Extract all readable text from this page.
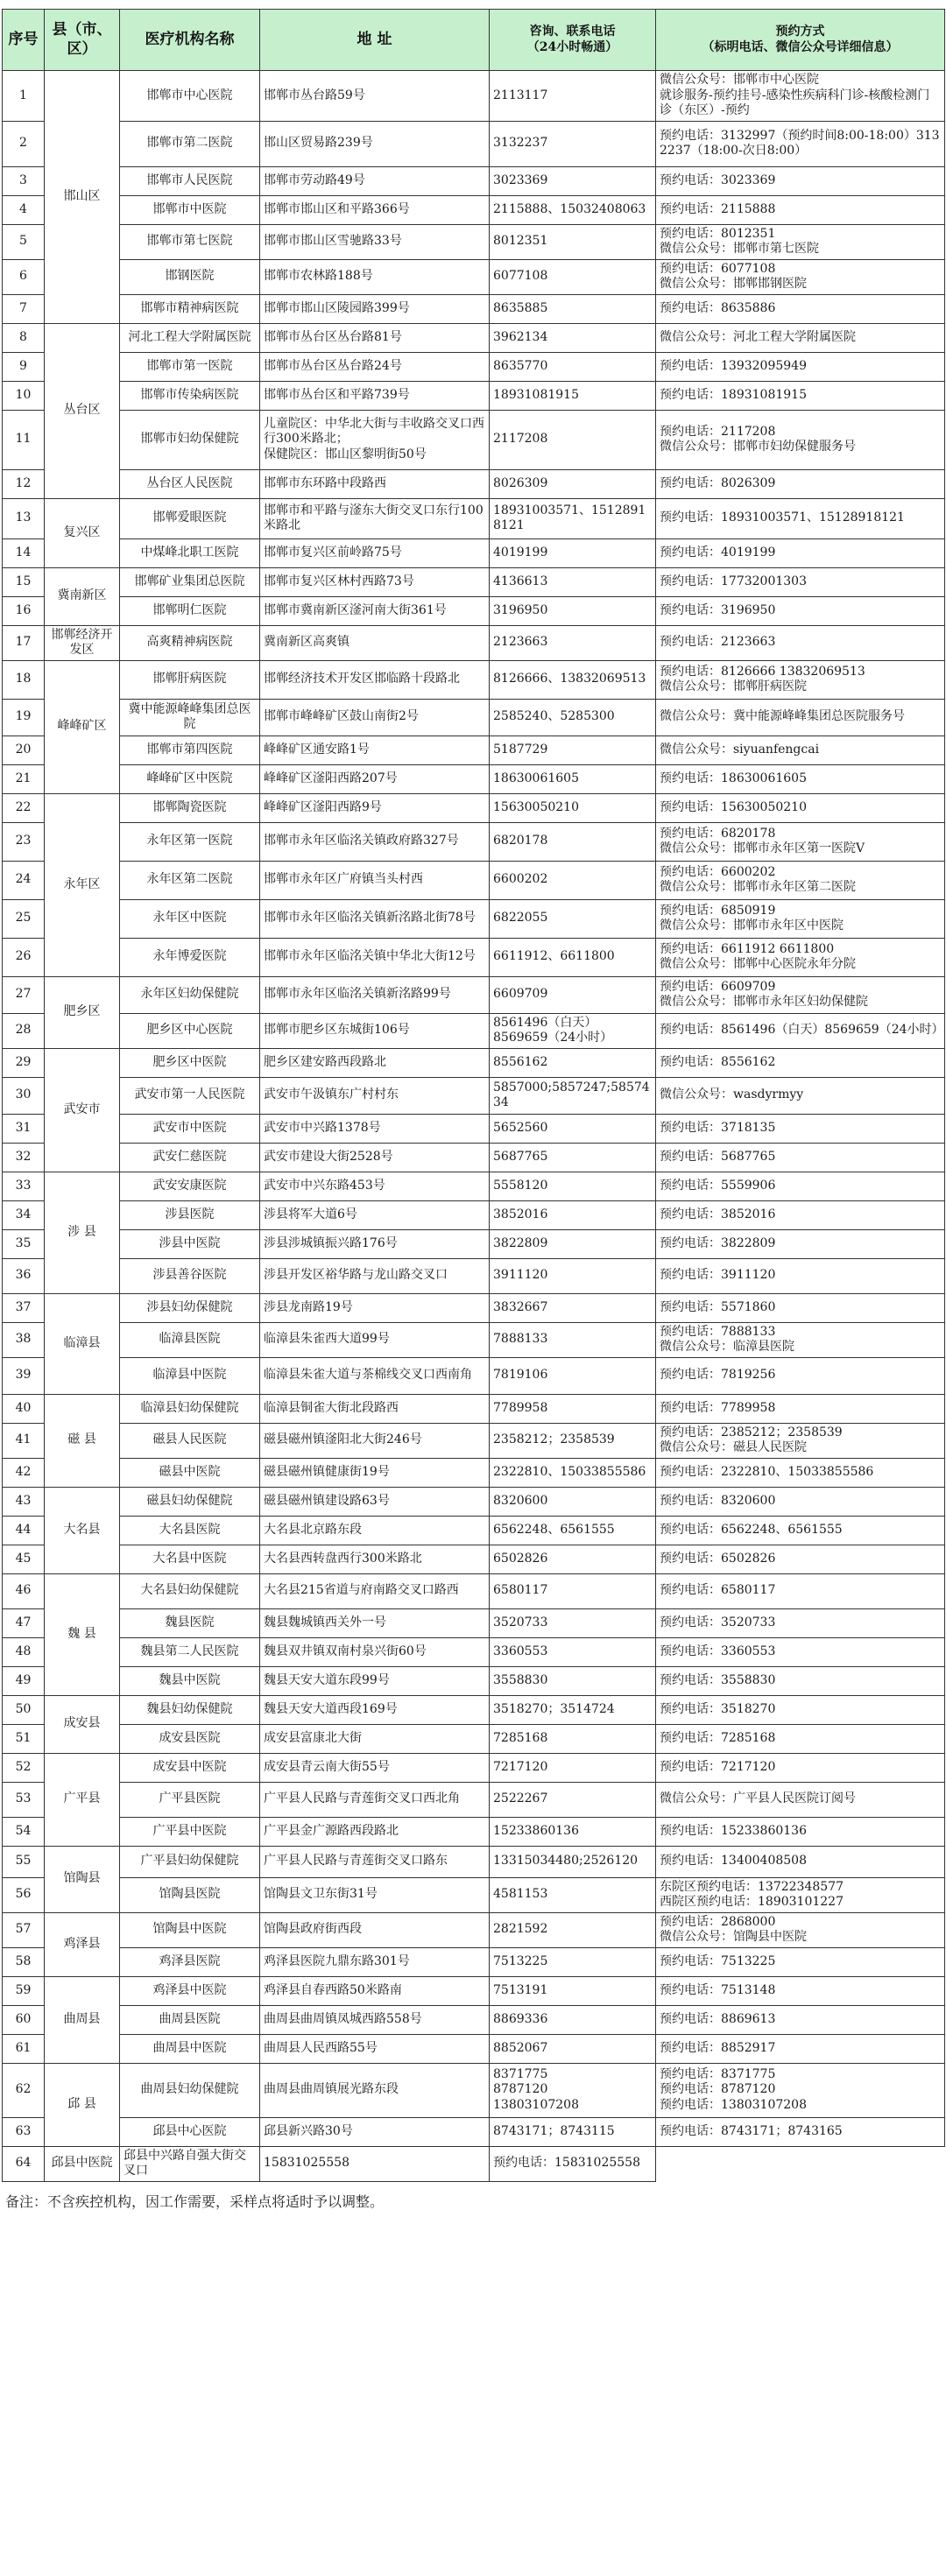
序号	县（市、区）	医疗机构名称	地 址	咨询、联系电话
（24小时畅通）	预约方式
（标明电话、微信公众号详细信息）

1	邯山区	邯郸市中心医院	邯郸市丛台路59号	2113117	微信公众号：邯郸市中心医院
就诊服务-预约挂号-感染性疾病科门诊-核酸检测门诊（东区）-预约
2		邯郸市第二医院	邯山区贸易路239号	3132237	预约电话：3132997（预约时间8:00-18:00）3132237（18:00-次日8:00）
3		邯郸市人民医院	邯郸市劳动路49号	3023369	预约电话：3023369
4		邯郸市中医院	邯郸市邯山区和平路366号	2115888、15032408063	预约电话：2115888
5		邯郸市第七医院	邯郸市邯山区雪驰路33号	8012351	预约电话：8012351
微信公众号：邯郸市第七医院
6		邯钢医院	邯郸市农林路188号	6077108	预约电话：6077108
微信公众号：邯郸邯钢医院
7		邯郸市精神病医院	邯郸市邯山区陵园路399号	8635885	预约电话：8635886
8	丛台区	河北工程大学附属医院	邯郸市丛台区丛台路81号	3962134	微信公众号：河北工程大学附属医院
9		邯郸市第一医院	邯郸市丛台区丛台路24号	8635770	预约电话：13932095949
10		邯郸市传染病医院	邯郸市丛台区和平路739号	18931081915	预约电话：18931081915
11		邯郸市妇幼保健院	儿童院区：中华北大街与丰收路交叉口西行300米路北；
保健院区：邯山区黎明街50号	2117208	预约电话：2117208
微信公众号：邯郸市妇幼保健服务号
12		丛台区人民医院	邯郸市东环路中段路西	8026309	预约电话：8026309
13	复兴区	邯郸爱眼医院	邯郸市和平路与滏东大街交叉口东行100米路北	18931003571、15128918121	预约电话：18931003571、15128918121
14		中煤峰北职工医院	邯郸市复兴区前岭路75号	4019199	预约电话：4019199
15	冀南新区	邯郸矿业集团总医院	邯郸市复兴区林村西路73号	4136613	预约电话：17732001303
16		邯郸明仁医院	邯郸市冀南新区滏河南大街361号	3196950	预约电话：3196950
17	邯郸经济开发区	高爽精神病医院	冀南新区高爽镇	2123663	预约电话：2123663
18	峰峰矿区	邯郸肝病医院	邯郸经济技术开发区邯临路十段路北	8126666、13832069513	预约电话：8126666 13832069513
微信公众号：邯郸肝病医院
19		冀中能源峰峰集团总医院	邯郸市峰峰矿区鼓山南街2号	2585240、5285300	微信公众号：冀中能源峰峰集团总医院服务号
20		邯郸市第四医院	峰峰矿区通安路1号	5187729	微信公众号：siyuanfengcai
21		峰峰矿区中医院	峰峰矿区滏阳西路207号	18630061605	预约电话：18630061605
22	永年区	邯郸陶瓷医院	峰峰矿区滏阳西路9号	15630050210	预约电话：15630050210
23		永年区第一医院	邯郸市永年区临洺关镇政府路327号	6820178	预约电话：6820178
微信公众号：邯郸市永年区第一医院V
24		永年区第二医院	邯郸市永年区广府镇当头村西	6600202	预约电话：6600202
微信公众号：邯郸市永年区第二医院
25		永年区中医院	邯郸市永年区临洺关镇新洺路北街78号	6822055	预约电话：6850919
微信公众号：邯郸市永年区中医院
26		永年博爱医院	邯郸市永年区临洺关镇中华北大街12号	6611912、6611800	预约电话：6611912 6611800
微信公众号：邯郸中心医院永年分院
27	肥乡区	永年区妇幼保健院	邯郸市永年区临洺关镇新洺路99号	6609709	预约电话：6609709
微信公众号：邯郸市永年区妇幼保健院
28		肥乡区中心医院	邯郸市肥乡区东城街106号	8561496（白天）
8569659（24小时）	预约电话：8561496（白天）8569659（24小时）
29	武安市	肥乡区中医院	肥乡区建安路西段路北	8556162	预约电话：8556162
30		武安市第一人民医院	武安市午汲镇东广村村东	5857000;5857247;5857434	微信公众号：wasdyrmyy
31		武安市中医院	武安市中兴路1378号	5652560	预约电话：3718135
32		武安仁慈医院	武安市建设大街2528号	5687765	预约电话：5687765
33	涉 县	武安安康医院	武安市中兴东路453号	5558120	预约电话：5559906
34		涉县医院	涉县将军大道6号	3852016	预约电话：3852016
35		涉县中医院	涉县涉城镇振兴路176号	3822809	预约电话：3822809
36		涉县善谷医院	涉县开发区裕华路与龙山路交叉口	3911120	预约电话：3911120
37	临漳县	涉县妇幼保健院	涉县龙南路19号	3832667	预约电话：5571860
38		临漳县医院	临漳县朱雀西大道99号	7888133	预约电话：7888133
微信公众号：临漳县医院
39		临漳县中医院	临漳县朱雀大道与茶棉线交叉口西南角	7819106	预约电话：7819256
40	磁 县	临漳县妇幼保健院	临漳县铜雀大街北段路西	7789958	预约电话：7789958
41		磁县人民医院	磁县磁州镇滏阳北大街246号	2358212；2358539	预约电话：2385212；2358539
微信公众号：磁县人民医院
42		磁县中医院	磁县磁州镇健康街19号	2322810、15033855586	预约电话：2322810、15033855586
43	大名县	磁县妇幼保健院	磁县磁州镇建设路63号	8320600	预约电话：8320600
44		大名县医院	大名县北京路东段	6562248、6561555	预约电话：6562248、6561555
45		大名县中医院	大名县西转盘西行300米路北	6502826	预约电话：6502826
46	魏 县	大名县妇幼保健院	大名县215省道与府南路交叉口路西	6580117	预约电话：6580117
47		魏县医院	魏县魏城镇西关外一号	3520733	预约电话：3520733
48		魏县第二人民医院	魏县双井镇双南村泉兴街60号	3360553	预约电话：3360553
49		魏县中医院	魏县天安大道东段99号	3558830	预约电话：3558830
50	成安县	魏县妇幼保健院	魏县天安大道西段169号	3518270；3514724	预约电话：3518270
51		成安县医院	成安县富康北大街	7285168	预约电话：7285168
52	广平县	成安县中医院	成安县青云南大街55号	7217120	预约电话：7217120
53		广平县医院	广平县人民路与青莲街交叉口西北角	2522267	微信公众号：广平县人民医院订阅号
54		广平县中医院	广平县金广源路西段路北	15233860136	预约电话：15233860136
55	馆陶县	广平县妇幼保健院	广平县人民路与青莲街交叉口路东	13315034480;2526120	预约电话：13400408508
56		馆陶县医院	馆陶县文卫东街31号	4581153	东院区预约电话：13722348577
西院区预约电话：18903101227
57	鸡泽县	馆陶县中医院	馆陶县政府街西段	2821592	预约电话：2868000
微信公众号：馆陶县中医院
58		鸡泽县医院	鸡泽县医院九鼎东路301号	7513225	预约电话：7513225
59	曲周县	鸡泽县中医院	鸡泽县自春西路50米路南	7513191	预约电话：7513148
60		曲周县医院	曲周县曲周镇凤城西路558号	8869336	预约电话：8869613
61		曲周县中医院	曲周县人民西路55号	8852067	预约电话：8852917
62	邱 县	曲周县妇幼保健院	曲周县曲周镇展光路东段	8371775
8787120
13803107208	预约电话：8371775
预约电话：8787120
预约电话：13803107208
63		邱县中心医院	邱县新兴路30号	8743171；8743115	预约电话：8743171；8743165
64	邱县中医院	邱县中兴路自强大街交叉口	15831025558	预约电话：15831025558	
备注：不含疾控机构，因工作需要，采样点将适时予以调整。
